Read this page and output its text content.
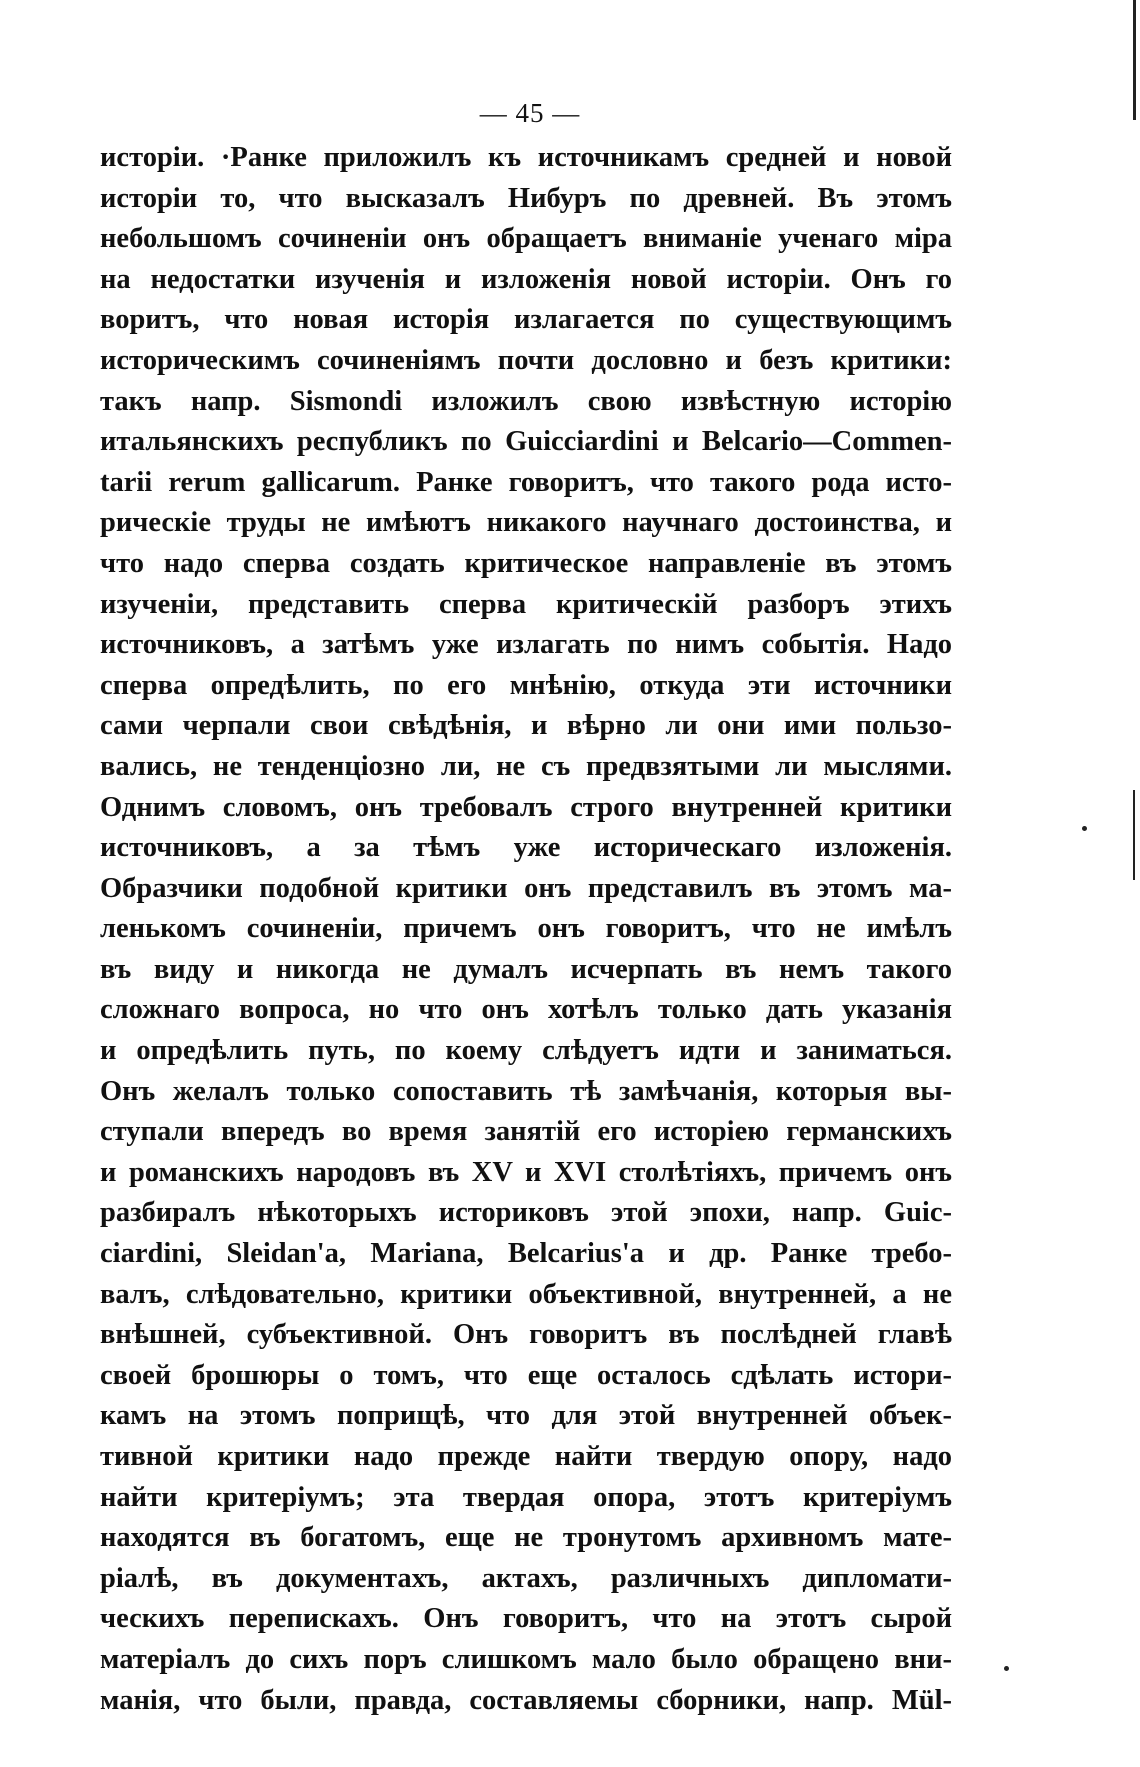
— 45 —
исторіи. ·Ранке приложилъ къ источникамъ средней и новой
исторіи то, что высказалъ Нибуръ по древней. Въ этомъ
небольшомъ сочиненіи онъ обращаетъ вниманіе ученаго міра
на недостатки изученія и изложенія новой исторіи. Онъ го
воритъ, что новая исторія излагается по существующимъ
историческимъ сочиненіямъ почти дословно и безъ критики:
такъ напр. Sismondi изложилъ свою извѣстную исторію
итальянскихъ республикъ по Guicciardini и Belcario—Commen-
tarii rerum gallicarum. Ранке говоритъ, что такого рода исто-
рическіе труды не имѣютъ никакого научнаго достоинства, и
что надо сперва создать критическое направленіе въ этомъ
изученіи, представить сперва критическій разборъ этихъ
источниковъ, а затѣмъ уже излагать по нимъ событія. Надо
сперва опредѣлить, по его мнѣнію, откуда эти источники
сами черпали свои свѣдѣнія, и вѣрно ли они ими пользо-
вались, не тенденціозно ли, не съ предвзятыми ли мыслями.
Однимъ словомъ, онъ требовалъ строго внутренней критики
источниковъ, а за тѣмъ уже историческаго изложенія.
Образчики подобной критики онъ представилъ въ этомъ ма-
ленькомъ сочиненіи, причемъ онъ говоритъ, что не имѣлъ
въ виду и никогда не думалъ исчерпать въ немъ такого
сложнаго вопроса, но что онъ хотѣлъ только дать указанія
и опредѣлить путь, по коему слѣдуетъ идти и заниматься.
Онъ желалъ только сопоставить тѣ замѣчанія, которыя вы-
ступали впередъ во время занятій его исторіею германскихъ
и романскихъ народовъ въ XV и XVI столѣтіяхъ, причемъ онъ
разбиралъ нѣкоторыхъ историковъ этой эпохи, напр. Guic-
ciardini, Sleidan'a, Mariana, Belcarius'a и др. Ранке требо-
валъ, слѣдовательно, критики объективной, внутренней, а не
внѣшней, субъективной. Онъ говоритъ въ послѣдней главѣ
своей брошюры о томъ, что еще осталось сдѣлать истори-
камъ на этомъ поприщѣ, что для этой внутренней объек-
тивной критики надо прежде найти твердую опору, надо
найти критеріумъ; эта твердая опора, этотъ критеріумъ
находятся въ богатомъ, еще не тронутомъ архивномъ мате-
ріалѣ, въ документахъ, актахъ, различныхъ дипломати-
ческихъ перепискахъ. Онъ говоритъ, что на этотъ сырой
матеріалъ до сихъ поръ слишкомъ мало было обращено вни-
манія, что были, правда, составляемы сборники, напр. Mül-
